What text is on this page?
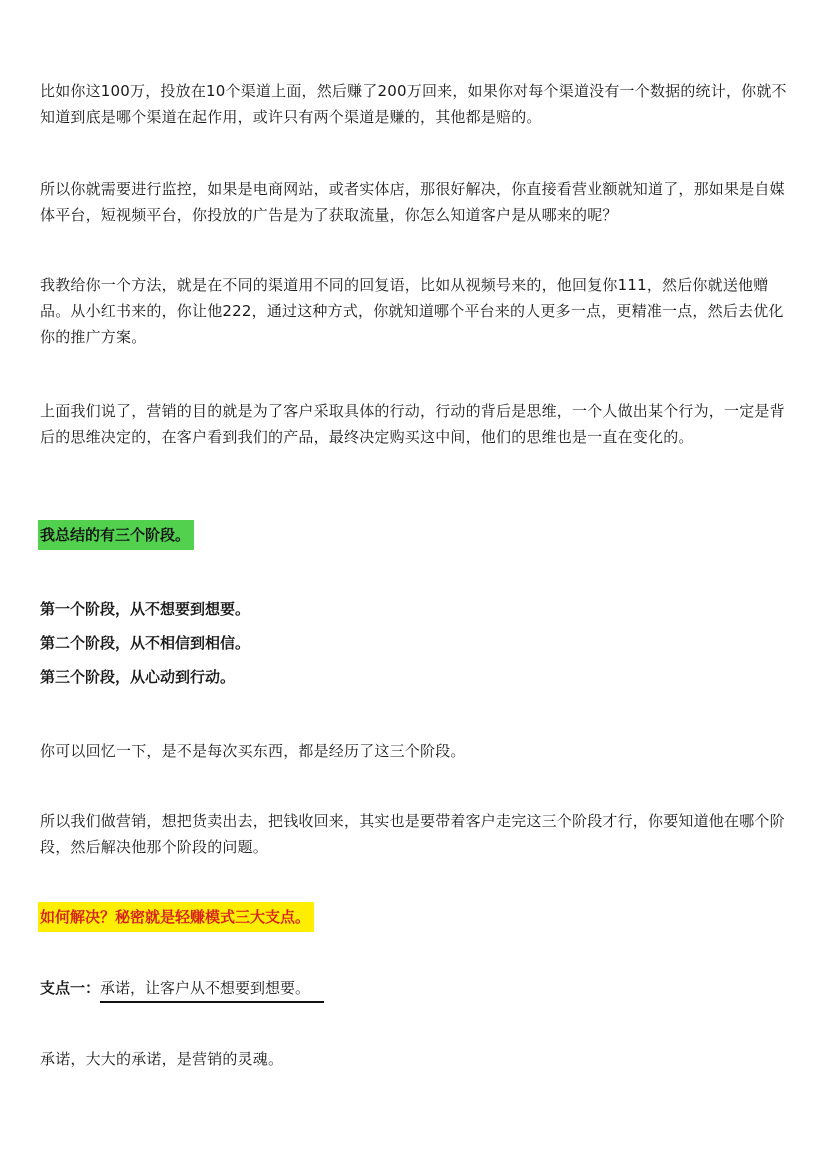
比如你这100万，投放在10个渠道上面，然后赚了200万回来，如果你对每个渠道没有一个数据的统计，你就不知道到底是哪个渠道在起作用，或许只有两个渠道是赚的，其他都是赔的。

所以你就需要进行监控，如果是电商网站，或者实体店，那很好解决，你直接看营业额就知道了，那如果是自媒体平台，短视频平台，你投放的广告是为了获取流量，你怎么知道客户是从哪来的呢？

我教给你一个方法，就是在不同的渠道用不同的回复语，比如从视频号来的，他回复你111，然后你就送他赠品。从小红书来的，你让他222，通过这种方式，你就知道哪个平台来的人更多一点，更精准一点，然后去优化你的推广方案。

上面我们说了，营销的目的就是为了客户采取具体的行动，行动的背后是思维，一个人做出某个行为，一定是背后的思维决定的，在客户看到我们的产品，最终决定购买这中间，他们的思维也是一直在变化的。

我总结的有三个阶段。
第一个阶段，从不想要到想要。
第二个阶段，从不相信到相信。
第三个阶段，从心动到行动。

你可以回忆一下，是不是每次买东西，都是经历了这三个阶段。

所以我们做营销，想把货卖出去，把钱收回来，其实也是要带着客户走完这三个阶段才行，你要知道他在哪个阶段，然后解决他那个阶段的问题。

如何解决？秘密就是轻赚模式三大支点。
支点一：承诺，让客户从不想要到想要。

承诺，大大的承诺，是营销的灵魂。
